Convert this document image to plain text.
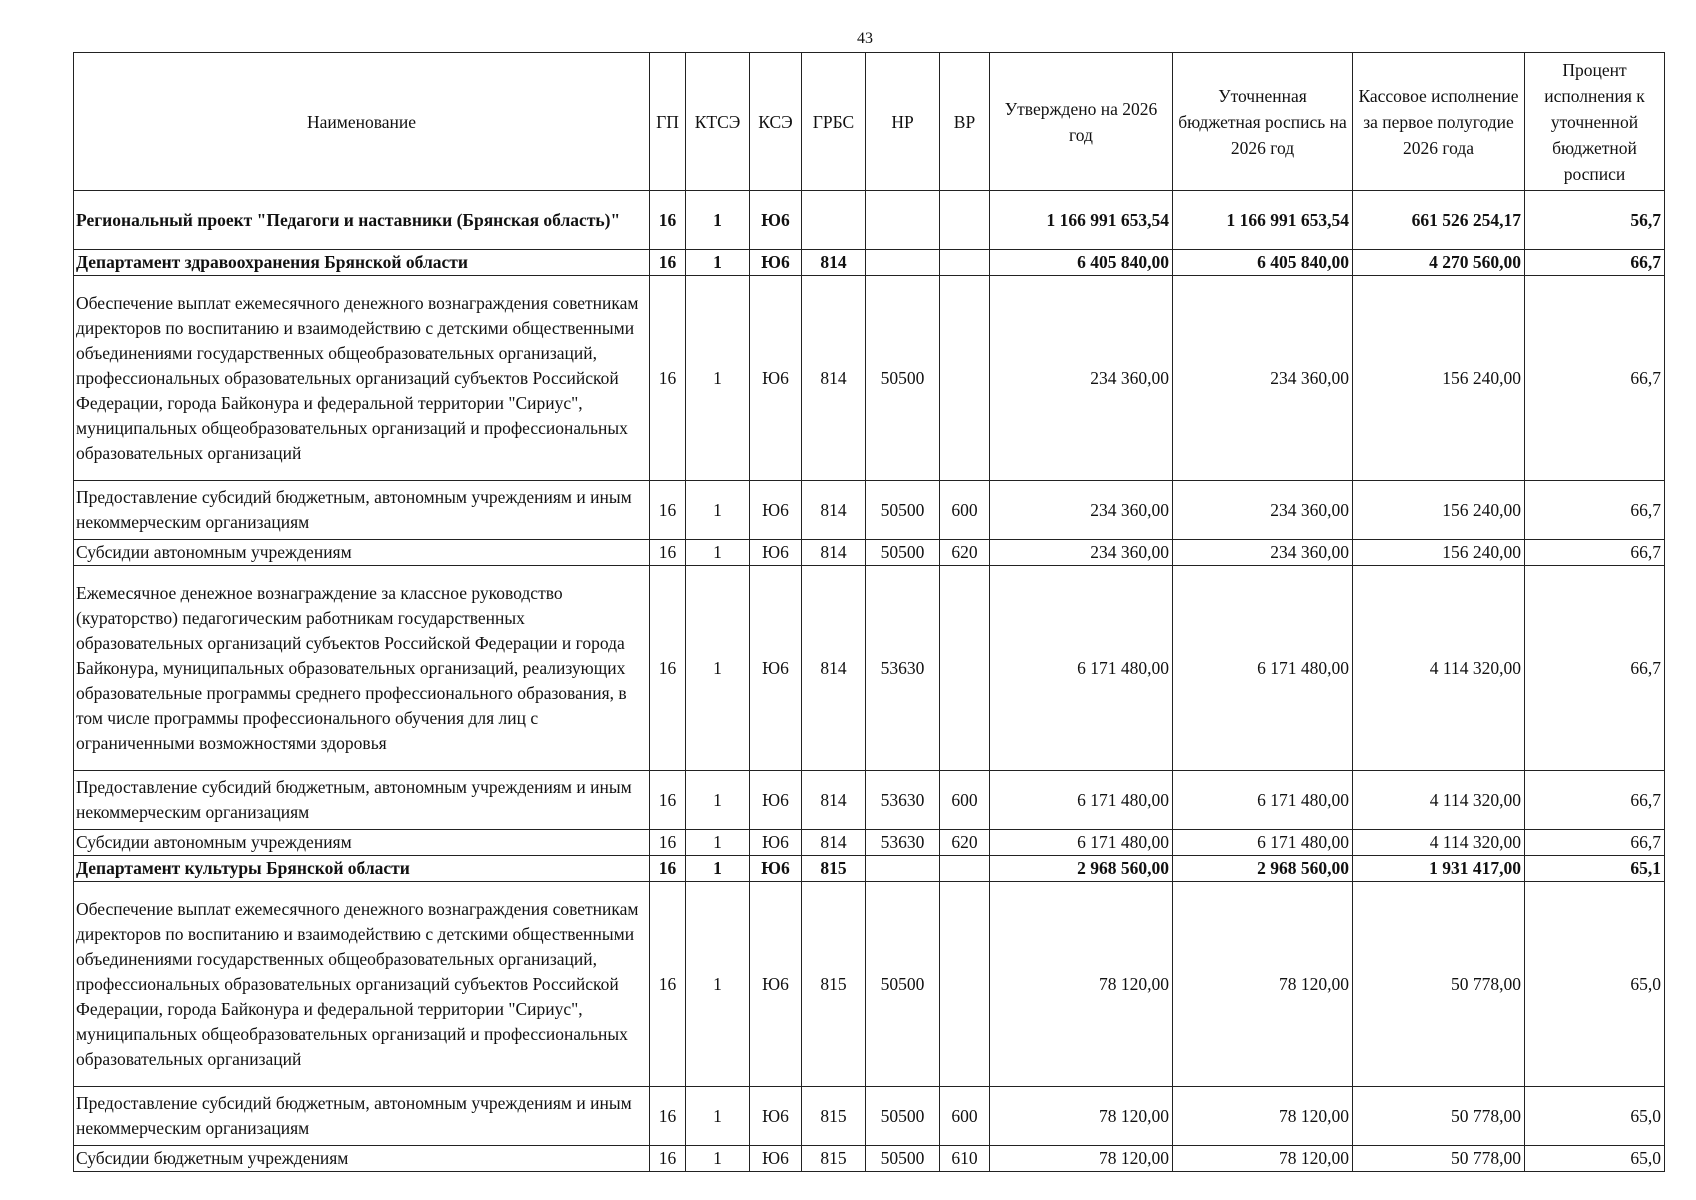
43
Наименование	ГП	КТСЭ	КСЭ	ГРБС	НР	ВР	Утверждено на 2026 год	Уточненная бюджетная роспись на 2026 год	Кассовое исполнение за первое полугодие 2026 года	Процент исполнения к уточненной бюджетной росписи
Региональный проект "Педагоги и наставники (Брянская область)"	16	1	Ю6				1 166 991 653,54	1 166 991 653,54	661 526 254,17	56,7
Департамент здравоохранения Брянской области	16	1	Ю6	814			6 405 840,00	6 405 840,00	4 270 560,00	66,7
Обеспечение выплат ежемесячного денежного вознаграждения советникам директоров по воспитанию и взаимодействию с детскими общественными объединениями государственных общеобразовательных организаций, профессиональных образовательных организаций субъектов Российской Федерации, города Байконура и федеральной территории "Сириус", муниципальных общеобразовательных организаций и профессиональных образовательных организаций	16	1	Ю6	814	50500		234 360,00	234 360,00	156 240,00	66,7
Предоставление субсидий бюджетным, автономным учреждениям и иным некоммерческим организациям	16	1	Ю6	814	50500	600	234 360,00	234 360,00	156 240,00	66,7
Субсидии автономным учреждениям	16	1	Ю6	814	50500	620	234 360,00	234 360,00	156 240,00	66,7
Ежемесячное денежное вознаграждение за классное руководство (кураторство) педагогическим работникам государственных образовательных организаций субъектов Российской Федерации и города Байконура, муниципальных образовательных организаций, реализующих образовательные программы среднего профессионального образования, в том числе программы профессионального обучения для лиц с ограниченными возможностями здоровья	16	1	Ю6	814	53630		6 171 480,00	6 171 480,00	4 114 320,00	66,7
Предоставление субсидий бюджетным, автономным учреждениям и иным некоммерческим организациям	16	1	Ю6	814	53630	600	6 171 480,00	6 171 480,00	4 114 320,00	66,7
Субсидии автономным учреждениям	16	1	Ю6	814	53630	620	6 171 480,00	6 171 480,00	4 114 320,00	66,7
Департамент культуры Брянской области	16	1	Ю6	815			2 968 560,00	2 968 560,00	1 931 417,00	65,1
Обеспечение выплат ежемесячного денежного вознаграждения советникам директоров по воспитанию и взаимодействию с детскими общественными объединениями государственных общеобразовательных организаций, профессиональных образовательных организаций субъектов Российской Федерации, города Байконура и федеральной территории "Сириус", муниципальных общеобразовательных организаций и профессиональных образовательных организаций	16	1	Ю6	815	50500		78 120,00	78 120,00	50 778,00	65,0
Предоставление субсидий бюджетным, автономным учреждениям и иным некоммерческим организациям	16	1	Ю6	815	50500	600	78 120,00	78 120,00	50 778,00	65,0
Субсидии бюджетным учреждениям	16	1	Ю6	815	50500	610	78 120,00	78 120,00	50 778,00	65,0
